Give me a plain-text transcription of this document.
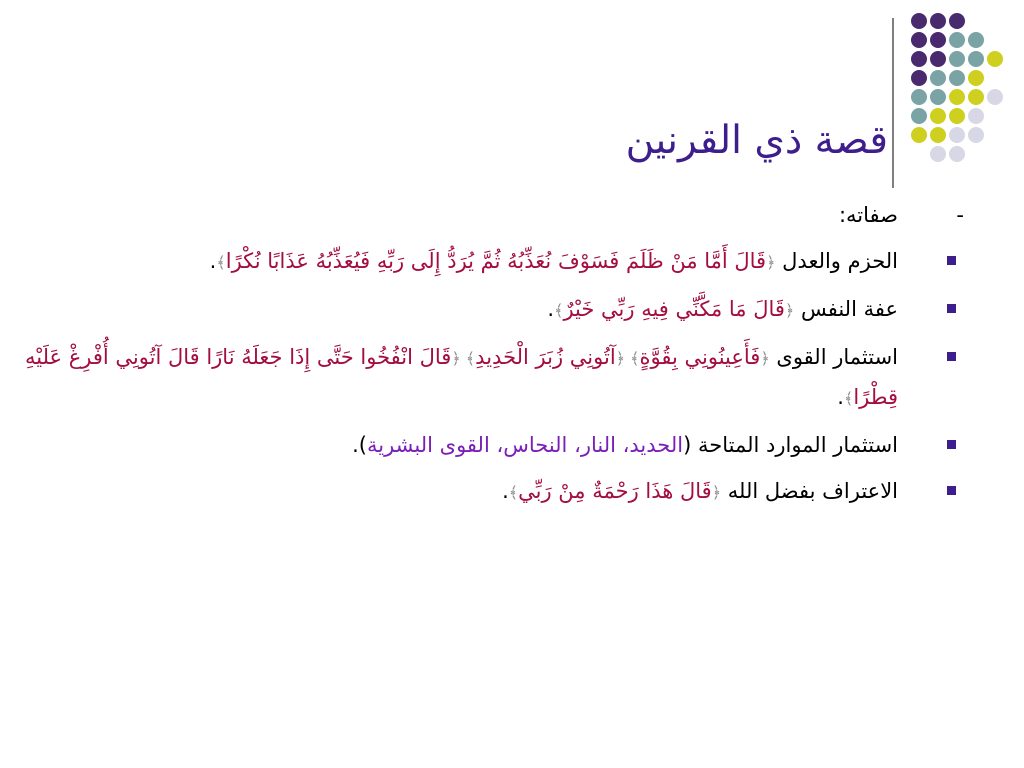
قصة ذي القرنين
-
صفاته:
الحزم والعدل ﴿قَالَ أَمَّا مَنْ ظَلَمَ فَسَوْفَ نُعَذِّبُهُ ثُمَّ يُرَدُّ إِلَى رَبِّهِ فَيُعَذِّبُهُ عَذَابًا نُكْرًا﴾.
عفة النفس ﴿قَالَ مَا مَكَّنِّي فِيهِ رَبِّي خَيْرٌ﴾.
استثمار القوى ﴿فَأَعِينُونِي بِقُوَّةٍ﴾ ﴿آتُونِي زُبَرَ الْحَدِيدِ﴾ ﴿قَالَ انْفُخُوا حَتَّى إِذَا جَعَلَهُ نَارًا قَالَ آتُونِي أُفْرِغْ عَلَيْهِ قِطْرًا﴾.
استثمار الموارد المتاحة (الحديد، النار، النحاس، القوى البشرية).
الاعتراف بفضل الله ﴿قَالَ هَذَا رَحْمَةٌ مِنْ رَبِّي﴾.
